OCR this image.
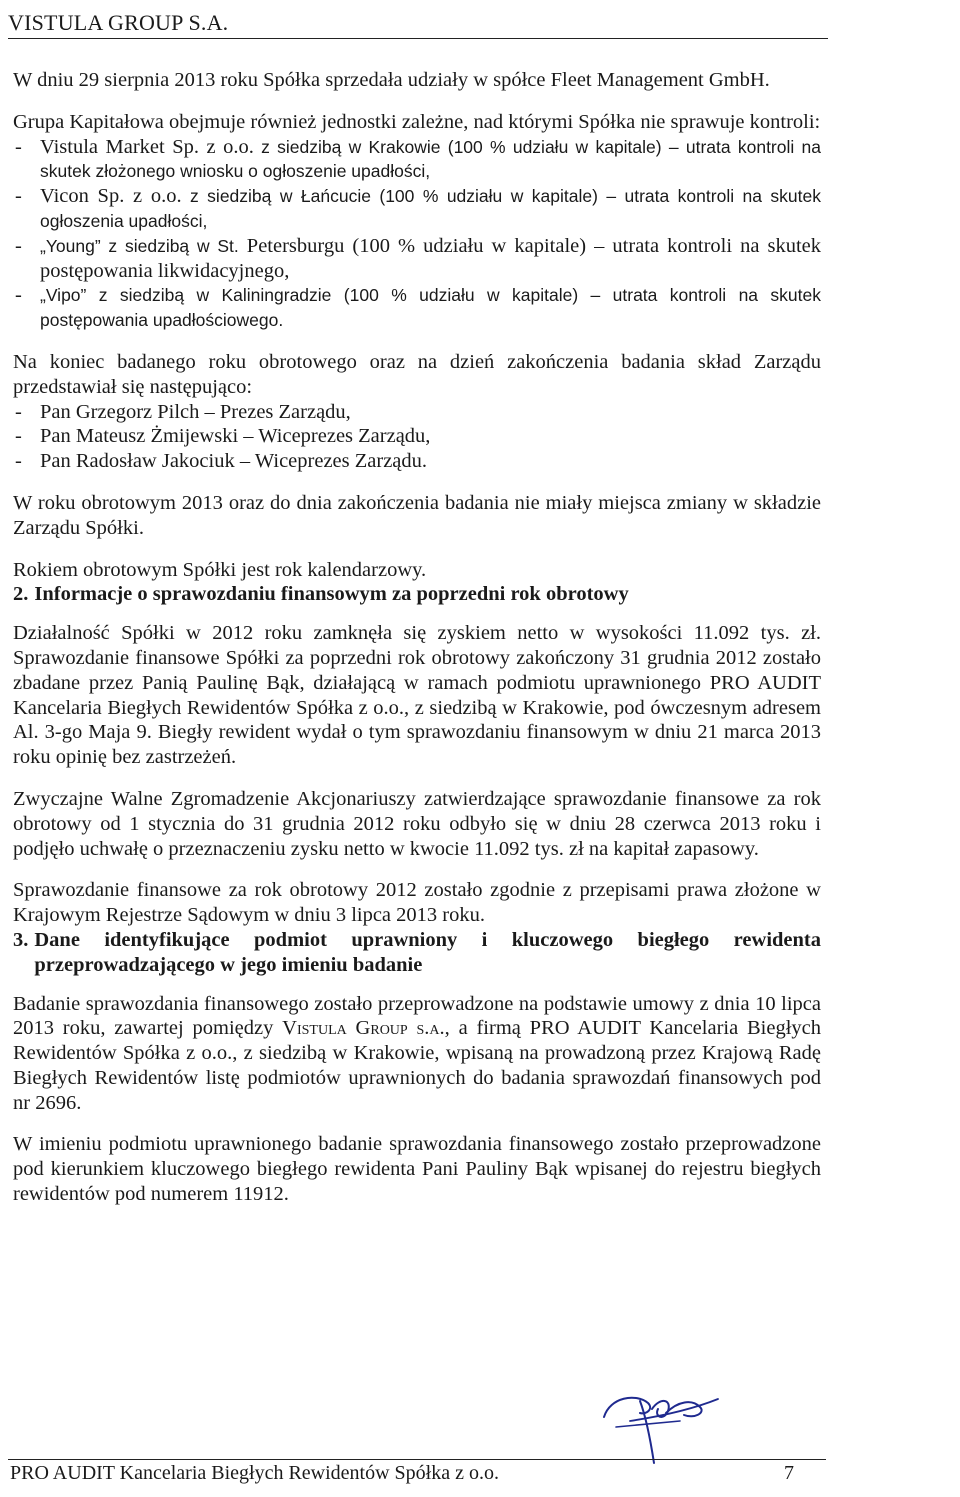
VISTULA GROUP S.A.

W dniu 29 sierpnia 2013 roku Spółka sprzedała udziały w spółce Fleet Management GmbH.

Grupa Kapitałowa obejmuje również jednostki zależne, nad którymi Spółka nie sprawuje kontroli:

- Vistula Market Sp. z o.o. z siedzibą w Krakowie (100 % udziału w kapitale) – utrata kontroli na skutek złożonego wniosku o ogłoszenie upadłości,
- Vicon Sp. z o.o. z siedzibą w Łańcucie (100 % udziału w kapitale) – utrata kontroli na skutek ogłoszenia upadłości,
- „Young” z siedzibą w St. Petersburgu (100 % udziału w kapitale) – utrata kontroli na skutek postępowania likwidacyjnego,
- „Vipo” z siedzibą w Kaliningradzie (100 % udziału w kapitale) – utrata kontroli na skutek postępowania upadłościowego.

Na koniec badanego roku obrotowego oraz na dzień zakończenia badania skład Zarządu przedstawiał się następująco:

- Pan Grzegorz Pilch – Prezes Zarządu,
- Pan Mateusz Żmijewski – Wiceprezes Zarządu,
- Pan Radosław Jakociuk – Wiceprezes Zarządu.

W roku obrotowym 2013 oraz do dnia zakończenia badania nie miały miejsca zmiany w składzie Zarządu Spółki.

Rokiem obrotowym Spółki jest rok kalendarzowy.

2. Informacje o sprawozdaniu finansowym za poprzedni rok obrotowy

Działalność Spółki w 2012 roku zamknęła się zyskiem netto w wysokości 11.092 tys. zł. Sprawozdanie finansowe Spółki za poprzedni rok obrotowy zakończony 31 grudnia 2012 zostało zbadane przez Panią Paulinę Bąk, działającą w ramach podmiotu uprawnionego PRO AUDIT Kancelaria Biegłych Rewidentów Spółka z o.o., z siedzibą w Krakowie, pod ówczesnym adresem Al. 3-go Maja 9. Biegły rewident wydał o tym sprawozdaniu finansowym w dniu 21 marca 2013 roku opinię bez zastrzeżeń.

Zwyczajne Walne Zgromadzenie Akcjonariuszy zatwierdzające sprawozdanie finansowe za rok obrotowy od 1 stycznia do 31 grudnia 2012 roku odbyło się w dniu 28 czerwca 2013 roku i podjęło uchwałę o przeznaczeniu zysku netto w kwocie 11.092 tys. zł na kapitał zapasowy.

Sprawozdanie finansowe za rok obrotowy 2012 zostało zgodnie z przepisami prawa złożone w Krajowym Rejestrze Sądowym w dniu 3 lipca 2013 roku.

3. Dane identyfikujące podmiot uprawniony i kluczowego biegłego rewidenta przeprowadzającego w jego imieniu badanie

Badanie sprawozdania finansowego zostało przeprowadzone na podstawie umowy z dnia 10 lipca 2013 roku, zawartej pomiędzy Vistula Group s.a., a firmą PRO AUDIT Kancelaria Biegłych Rewidentów Spółka z o.o., z siedzibą w Krakowie, wpisaną na prowadzoną przez Krajową Radę Biegłych Rewidentów listę podmiotów uprawnionych do badania sprawozdań finansowych pod nr 2696.

W imieniu podmiotu uprawnionego badanie sprawozdania finansowego zostało przeprowadzone pod kierunkiem kluczowego biegłego rewidenta Pani Pauliny Bąk wpisanej do rejestru biegłych rewidentów pod numerem 11912.

PRO AUDIT Kancelaria Biegłych Rewidentów Spółka z o.o.	7
